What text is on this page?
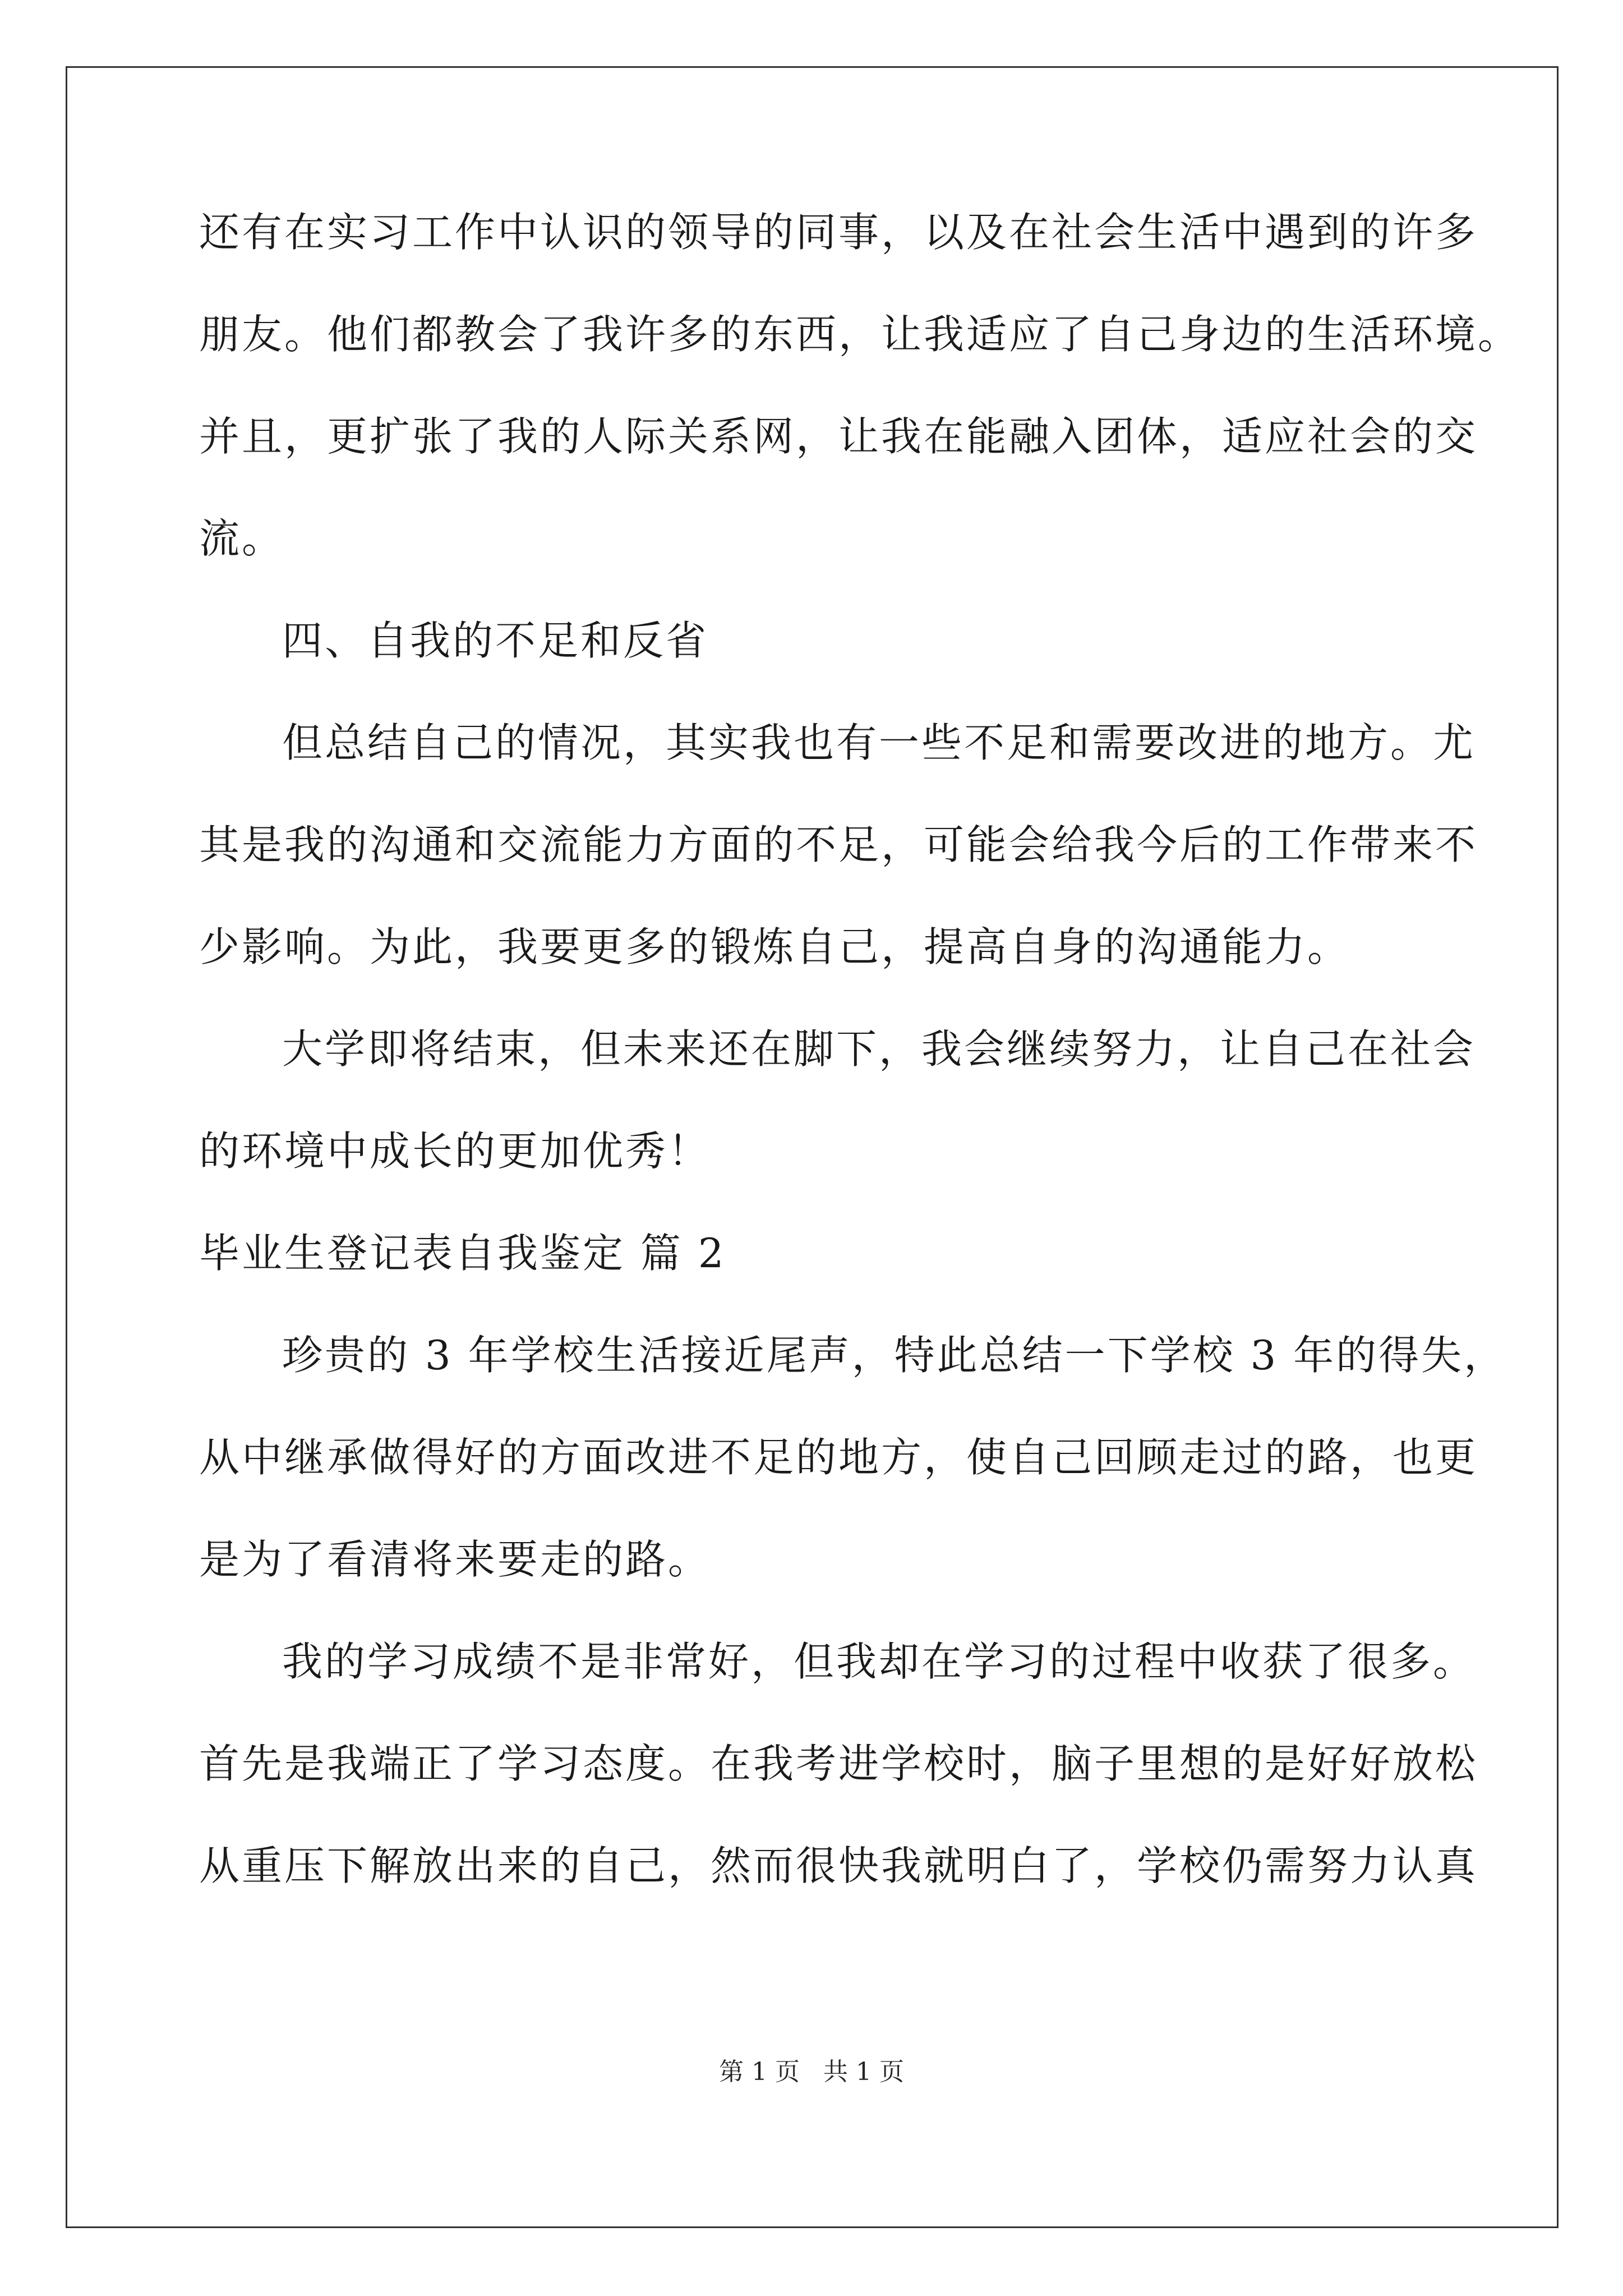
还有在实习工作中认识的领导的同事，以及在社会生活中遇到的许多
朋友。他们都教会了我许多的东西，让我适应了自己身边的生活环境。
并且，更扩张了我的人际关系网，让我在能融入团体，适应社会的交
流。
四、自我的不足和反省
但总结自己的情况，其实我也有一些不足和需要改进的地方。尤
其是我的沟通和交流能力方面的不足，可能会给我今后的工作带来不
少影响。为此，我要更多的锻炼自己，提高自身的沟通能力。
大学即将结束，但未来还在脚下，我会继续努力，让自己在社会
的环境中成长的更加优秀！
毕业生登记表自我鉴定 篇 2
珍贵的 3 年学校生活接近尾声，特此总结一下学校 3 年的得失，
从中继承做得好的方面改进不足的地方，使自己回顾走过的路，也更
是为了看清将来要走的路。
我的学习成绩不是非常好，但我却在学习的过程中收获了很多。
首先是我端正了学习态度。在我考进学校时，脑子里想的是好好放松
从重压下解放出来的自己，然而很快我就明白了，学校仍需努力认真
第 1 页   共 1 页
